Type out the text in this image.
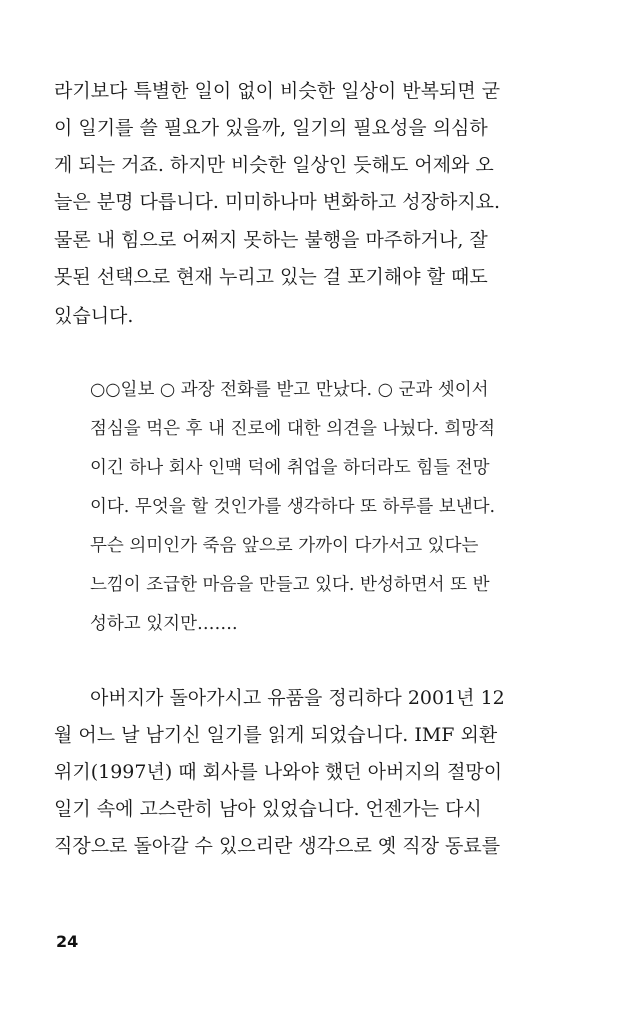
라기보다 특별한 일이 없이 비슷한 일상이 반복되면 굳
이 일기를 쓸 필요가 있을까, 일기의 필요성을 의심하
게 되는 거죠. 하지만 비슷한 일상인 듯해도 어제와 오
늘은 분명 다릅니다. 미미하나마 변화하고 성장하지요.
물론 내 힘으로 어쩌지 못하는 불행을 마주하거나, 잘
못된 선택으로 현재 누리고 있는 걸 포기해야 할 때도
있습니다.
○○일보 ○ 과장 전화를 받고 만났다. ○ 군과 셋이서
점심을 먹은 후 내 진로에 대한 의견을 나눴다. 희망적
이긴 하나 회사 인맥 덕에 취업을 하더라도 힘들 전망
이다. 무엇을 할 것인가를 생각하다 또 하루를 보낸다.
무슨 의미인가 죽음 앞으로 가까이 다가서고 있다는
느낌이 조급한 마음을 만들고 있다. 반성하면서 또 반
성하고 있지만…….
아버지가 돌아가시고 유품을 정리하다 2001년 12
월 어느 날 남기신 일기를 읽게 되었습니다. IMF 외환
위기(1997년) 때 회사를 나와야 했던 아버지의 절망이
일기 속에 고스란히 남아 있었습니다. 언젠가는 다시
직장으로 돌아갈 수 있으리란 생각으로 옛 직장 동료를
24
